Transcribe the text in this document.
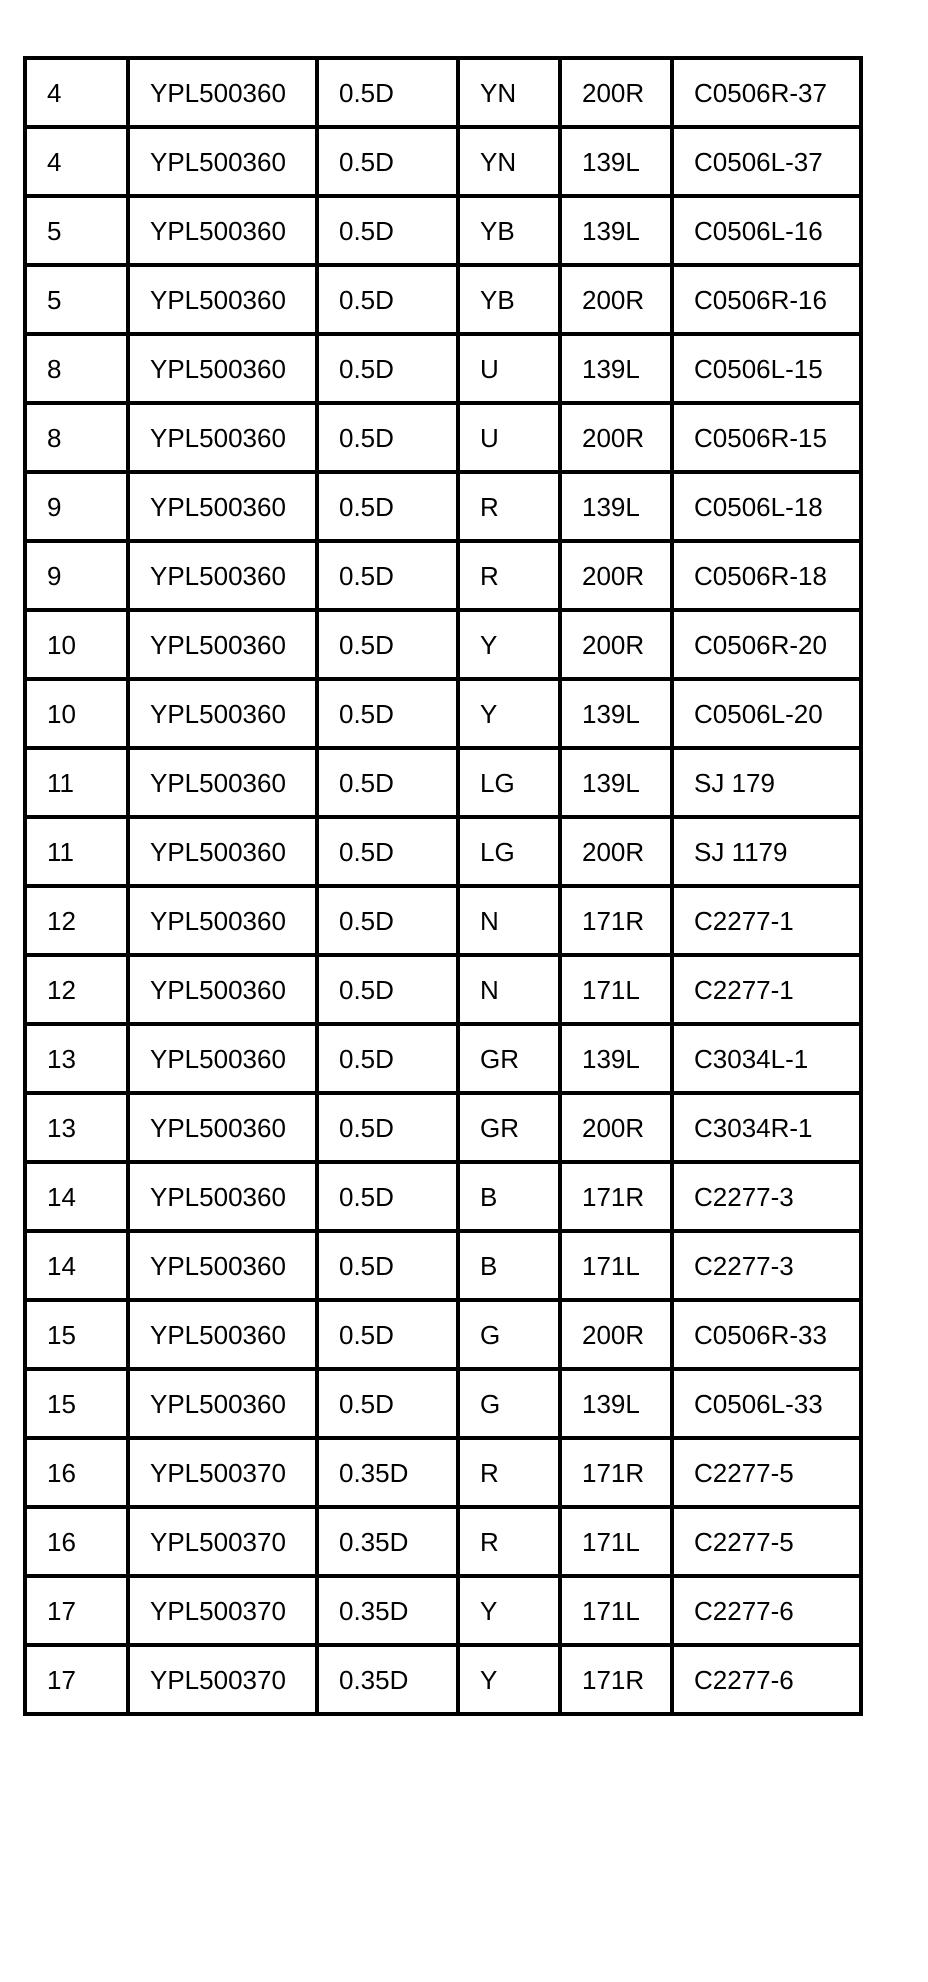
4	YPL500360	0.5D	YN	200R	C0506R-37
4	YPL500360	0.5D	YN	139L	C0506L-37
5	YPL500360	0.5D	YB	139L	C0506L-16
5	YPL500360	0.5D	YB	200R	C0506R-16
8	YPL500360	0.5D	U	139L	C0506L-15
8	YPL500360	0.5D	U	200R	C0506R-15
9	YPL500360	0.5D	R	139L	C0506L-18
9	YPL500360	0.5D	R	200R	C0506R-18
10	YPL500360	0.5D	Y	200R	C0506R-20
10	YPL500360	0.5D	Y	139L	C0506L-20
11	YPL500360	0.5D	LG	139L	SJ 179
11	YPL500360	0.5D	LG	200R	SJ 1179
12	YPL500360	0.5D	N	171R	C2277-1
12	YPL500360	0.5D	N	171L	C2277-1
13	YPL500360	0.5D	GR	139L	C3034L-1
13	YPL500360	0.5D	GR	200R	C3034R-1
14	YPL500360	0.5D	B	171R	C2277-3
14	YPL500360	0.5D	B	171L	C2277-3
15	YPL500360	0.5D	G	200R	C0506R-33
15	YPL500360	0.5D	G	139L	C0506L-33
16	YPL500370	0.35D	R	171R	C2277-5
16	YPL500370	0.35D	R	171L	C2277-5
17	YPL500370	0.35D	Y	171L	C2277-6
17	YPL500370	0.35D	Y	171R	C2277-6
